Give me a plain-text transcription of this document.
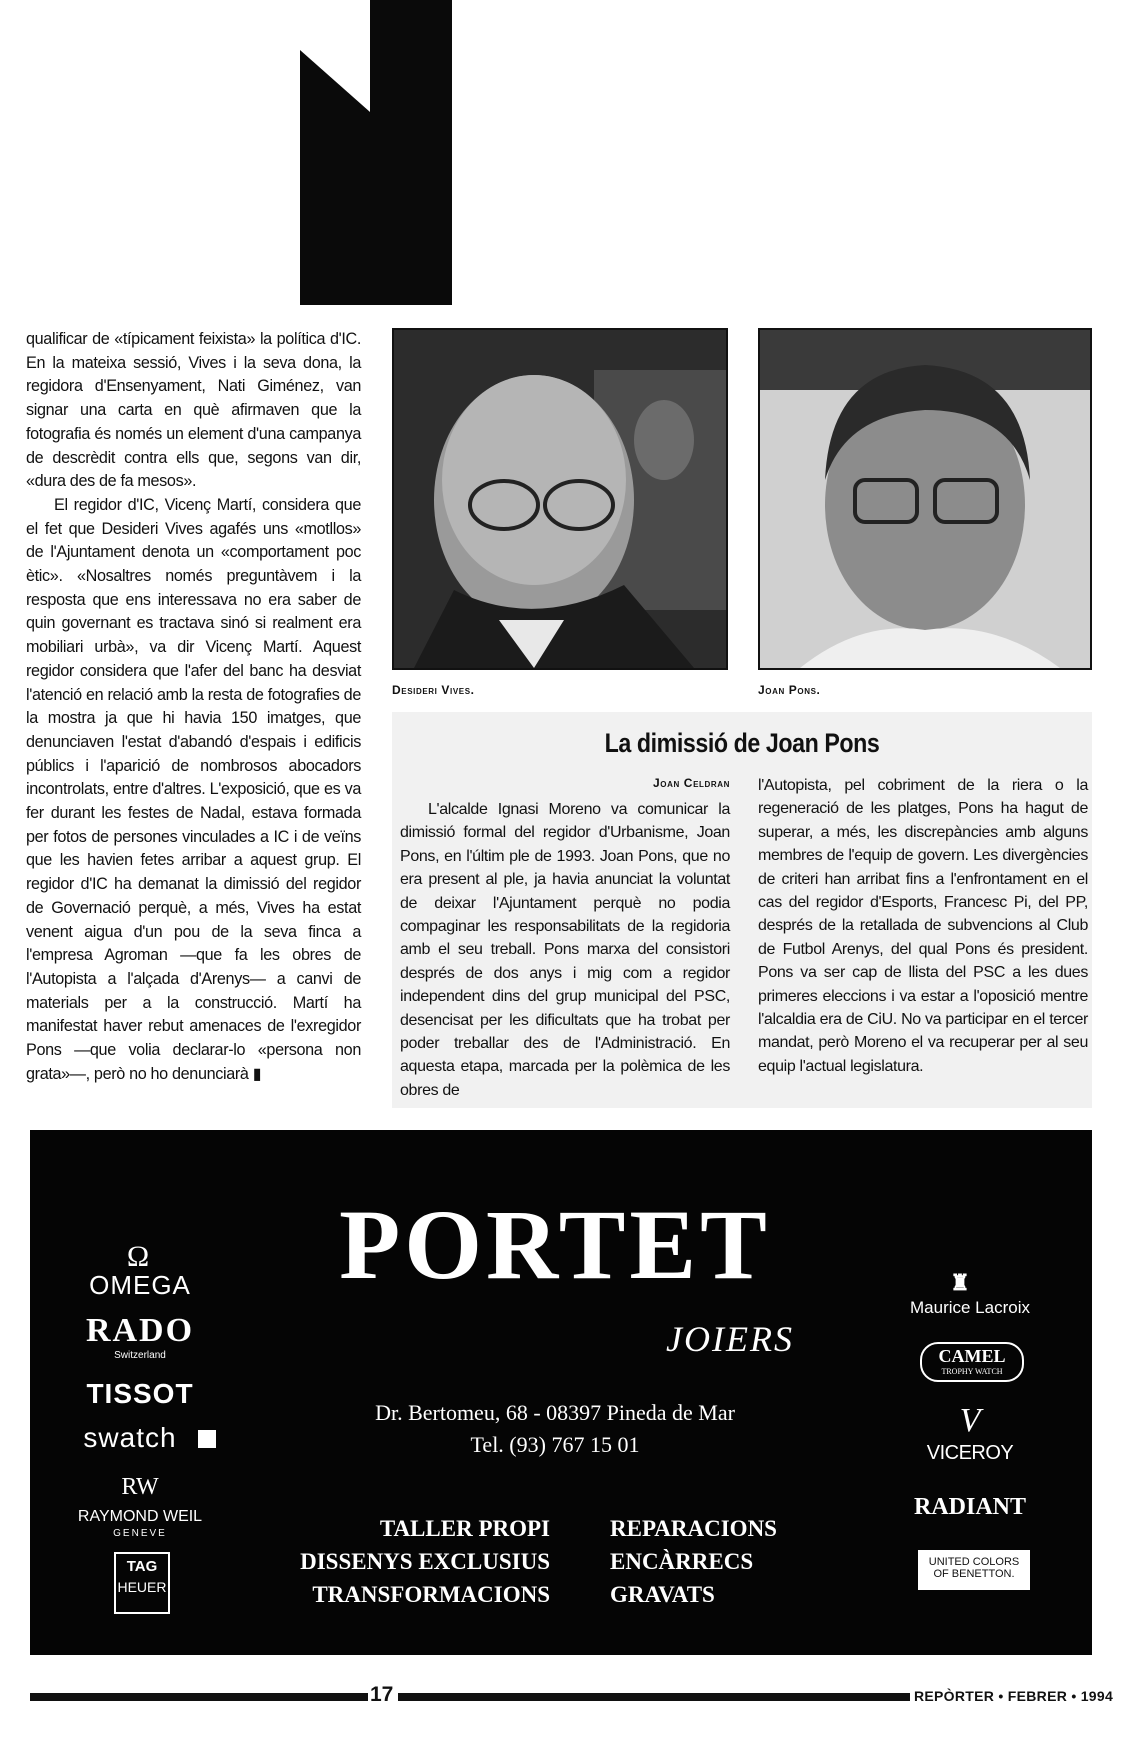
qualificar de «típicament feixista» la política d'IC. En la mateixa sessió, Vives i la seva dona, la regidora d'Ensenyament, Nati Giménez, van signar una carta en què afirmaven que la fotografia és només un element d'una campanya de descrèdit contra ells que, segons van dir, «dura des de fa mesos».

El regidor d'IC, Vicenç Martí, considera que el fet que Desideri Vives agafés uns «motllos» de l'Ajuntament denota un «comportament poc ètic». «Nosaltres només preguntàvem i la resposta que ens interessava no era saber de quin governant es tractava sinó si realment era mobiliari urbà», va dir Vicenç Martí. Aquest regidor considera que l'afer del banc ha desviat l'atenció en relació amb la resta de fotografies de la mostra ja que hi havia 150 imatges, que denunciaven l'estat d'abandó d'espais i edificis públics i l'aparició de nombrosos abocadors incontrolats, entre d'altres. L'exposició, que es va fer durant les festes de Nadal, estava formada per fotos de persones vinculades a IC i de veïns que les havien fetes arribar a aquest grup. El regidor d'IC ha demanat la dimissió del regidor de Governació perquè, a més, Vives ha estat venent aigua d'un pou de la seva finca a l'empresa Agroman —que fa les obres de l'Autopista a l'alçada d'Arenys— a canvi de materials per a la construcció. Martí ha manifestat haver rebut amenaces de l'exregidor Pons —que volia declarar-lo «persona non grata»—, però no ho denunciarà ▮

Desideri Vives.	Joan Pons.
La dimissió de Joan Pons
Joan Celdran

L'alcalde Ignasi Moreno va comunicar la dimissió formal del regidor d'Urbanisme, Joan Pons, en l'últim ple de 1993. Joan Pons, que no era present al ple, ja havia anunciat la voluntat de deixar l'Ajuntament perquè no podia compaginar les responsabilitats de la regidoria amb el seu treball. Pons marxa del consistori després de dos anys i mig com a regidor independent dins del grup municipal del PSC, desencisat per les dificultats que ha trobat per poder treballar des de l'Administració. En aquesta etapa, marcada per la polèmica de les obres de

l'Autopista, pel cobriment de la riera o la regeneració de les platges, Pons ha hagut de superar, a més, les discrepàncies amb alguns membres de l'equip de govern. Les divergències de criteri han arribat fins a l'enfrontament en el cas del regidor d'Esports, Francesc Pi, del PP, després de la retallada de subvencions al Club de Futbol Arenys, del qual Pons és president. Pons va ser cap de llista del PSC a les dues primeres eleccions i va estar a l'oposició mentre l'alcaldia era de CiU. No va participar en el tercer mandat, però Moreno el va recuperar per al seu equip l'actual legislatura.

Ω
OMEGA
RADO
Switzerland
TISSOT
swatch
RW
RAYMOND WEIL
GENEVE
TAG
HEUER
PORTET
JOIERS
Dr. Bertomeu, 68 - 08397 Pineda de Mar
Tel. (93) 767 15 01
TALLER PROPI
DISSENYS EXCLUSIUS
TRANSFORMACIONS
REPARACIONS
ENCÀRRECS
GRAVATS
♜
Maurice Lacroix
CAMEL
TROPHY WATCH
V
VICEROY
RADIANT
UNITED COLORS
OF BENETTON.
17	REPÒRTER • FEBRER • 1994
